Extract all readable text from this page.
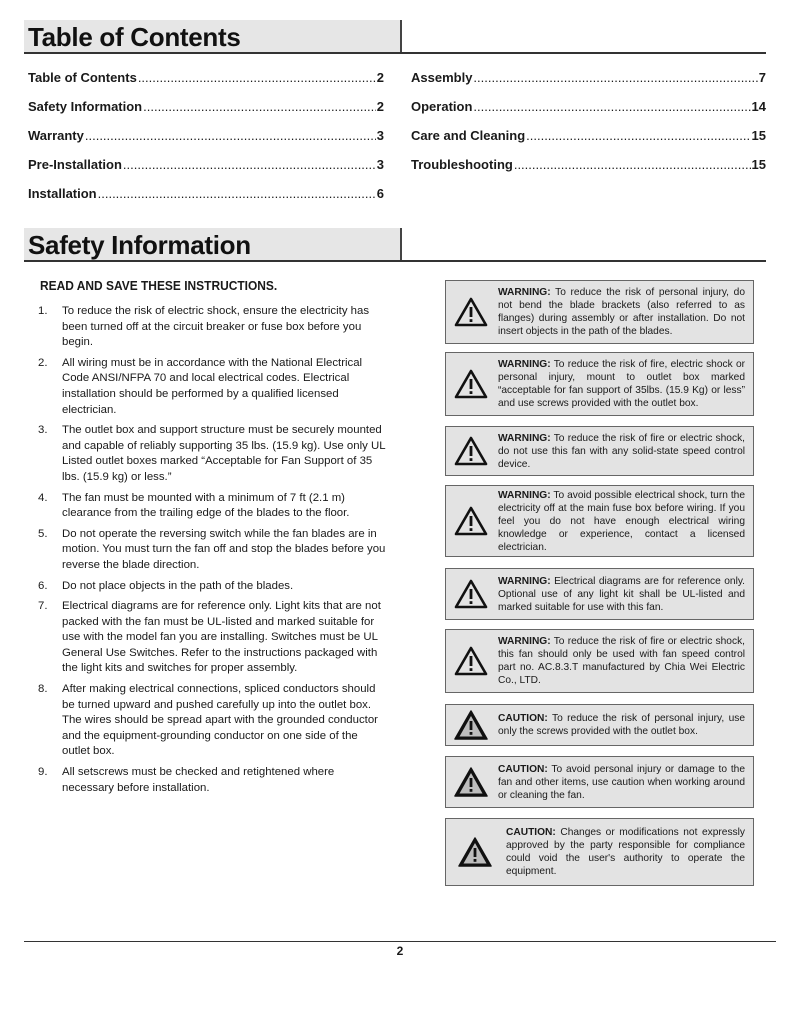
Table of Contents
Table of Contents .....	2
Safety Information .....	2
Warranty .....	3
Pre-Installation .....	3
Installation .....	6
Assembly .....	7
Operation .....	14
Care and Cleaning .....	15
Troubleshooting .....	15
Safety Information
READ AND SAVE THESE INSTRUCTIONS.
1.	To reduce the risk of electric shock, ensure the electricity has been turned off at the circuit breaker or fuse box before you begin.
2.	All wiring must be in accordance with the National Electrical Code ANSI/NFPA 70 and local electrical codes. Electrical installation should be performed by a qualified licensed electrician.
3.	The outlet box and support structure must be securely mounted and capable of reliably supporting 35 lbs. (15.9 kg). Use only UL Listed outlet boxes marked “Acceptable for Fan Support of 35 lbs. (15.9 kg) or less.”
4.	The fan must be mounted with a minimum of 7 ft (2.1 m) clearance from the trailing edge of the blades to the floor.
5.	Do not operate the reversing switch while the fan blades are in motion. You must turn the fan off and stop the blades before you reverse the blade direction.
6.	Do not place objects in the path of the blades.
7.	Electrical diagrams are for reference only. Light kits that are not packed with the fan must be UL-listed and marked suitable for use with the model fan you are installing. Switches must be UL General Use Switches. Refer to the instructions packaged with the light kits and switches for proper assembly.
8.	After making electrical connections, spliced conductors should be turned upward and pushed carefully up into the outlet box. The wires should be spread apart with the grounded conductor and the equipment-grounding conductor on one side of the outlet box.
9.	All setscrews must be checked and retightened where necessary before installation.
WARNING: To reduce the risk of personal injury, do not bend the blade brackets (also referred to as flanges) during assembly or after installation. Do not insert objects in the path of the blades.
WARNING: To reduce the risk of fire, electric shock or personal injury, mount to outlet box marked “acceptable for fan support of 35lbs. (15.9 Kg) or less” and use screws provided with the outlet box.
WARNING: To reduce the risk of fire or electric shock, do not use this fan with any solid-state speed control device.
WARNING: To avoid possible electrical shock, turn the electricity off at the main fuse box before wiring. If you feel you do not have enough electrical wiring knowledge or experience, contact a licensed electrician.
WARNING: Electrical diagrams are for reference only. Optional use of any light kit shall be UL-listed and marked suitable for use with this fan.
WARNING: To reduce the risk of fire or electric shock, this fan should only be used with fan speed control part no. AC.8.3.T manufactured by Chia Wei Electric Co., LTD.
CAUTION: To reduce the risk of personal injury, use only the screws provided with the outlet box.
CAUTION: To avoid personal injury or damage to the fan and other items, use caution when working around or cleaning the fan.
CAUTION: Changes or modifications not expressly approved by the party responsible for compliance could void the user's authority to operate the equipment.
2
